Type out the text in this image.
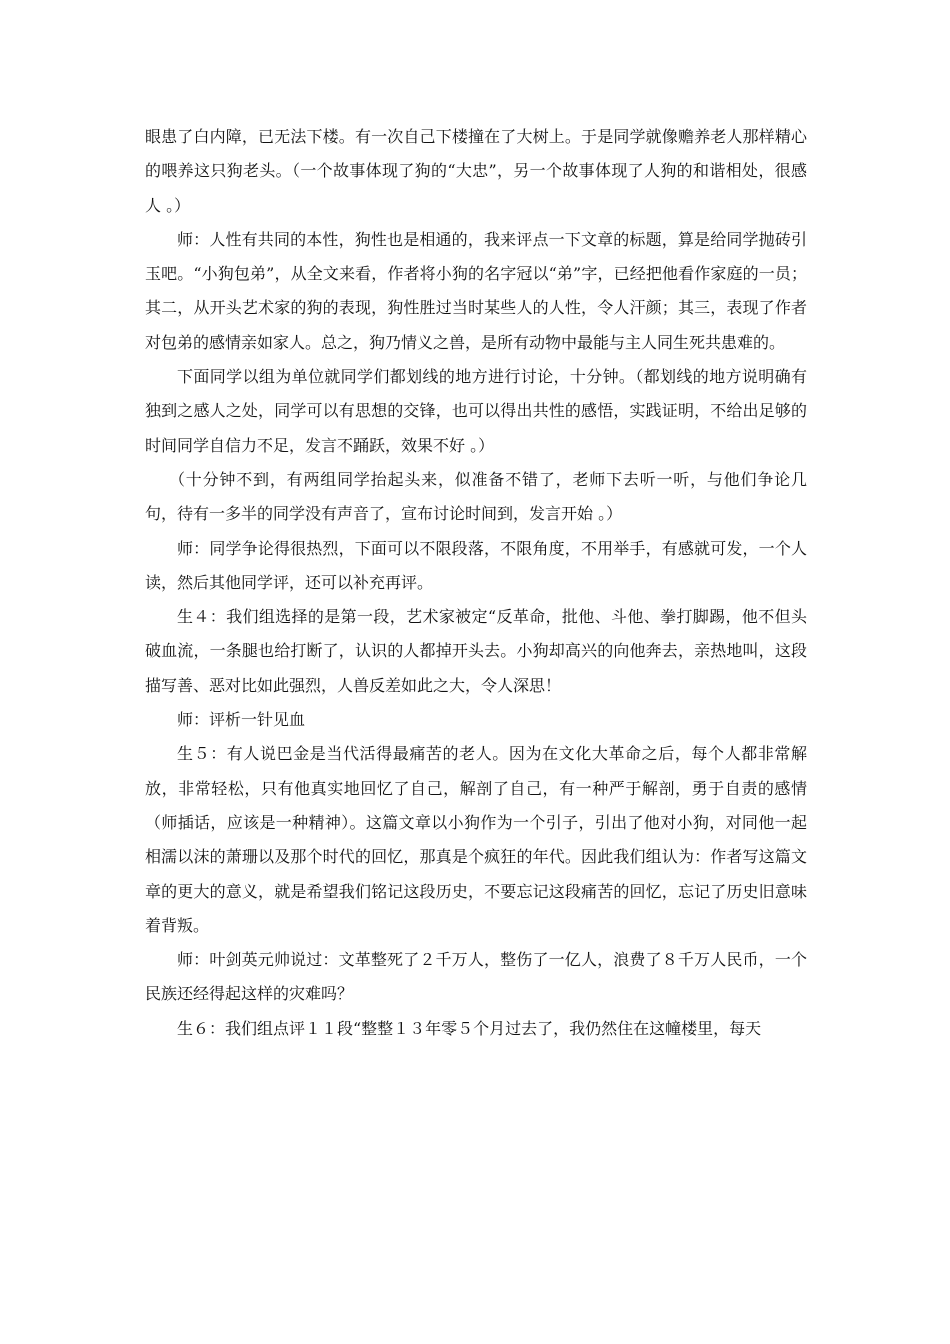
眼患了白内障，已无法下楼。有一次自己下楼撞在了大树上。于是同学就像赡养老人那样精心的喂养这只狗老头。（一个故事体现了狗的“大忠”，另一个故事体现了人狗的和谐相处，很感人 。）

师：人性有共同的本性，狗性也是相通的，我来评点一下文章的标题，算是给同学抛砖引玉吧。“小狗包弟”，从全文来看，作者将小狗的名字冠以“弟”字，已经把他看作家庭的一员；其二，从开头艺术家的狗的表现，狗性胜过当时某些人的人性，令人汗颜；其三，表现了作者对包弟的感情亲如家人。总之，狗乃情义之兽，是所有动物中最能与主人同生死共患难的。

下面同学以组为单位就同学们都划线的地方进行讨论，十分钟。（都划线的地方说明确有独到之感人之处，同学可以有思想的交锋，也可以得出共性的感悟，实践证明，不给出足够的时间同学自信力不足，发言不踊跃，效果不好 。）

（十分钟不到，有两组同学抬起头来，似准备不错了，老师下去听一听，与他们争论几句，待有一多半的同学没有声音了，宣布讨论时间到，发言开始 。）

师：同学争论得很热烈，下面可以不限段落，不限角度，不用举手，有感就可发，一个人读，然后其他同学评，还可以补充再评。

生４：我们组选择的是第一段，艺术家被定“反革命，批他、斗他、拳打脚踢，他不但头破血流，一条腿也给打断了，认识的人都掉开头去。小狗却高兴的向他奔去，亲热地叫，这段描写善、恶对比如此强烈，人兽反差如此之大，令人深思！

师：评析一针见血

生５：有人说巴金是当代活得最痛苦的老人。因为在文化大革命之后，每个人都非常解放，非常轻松，只有他真实地回忆了自己，解剖了自己，有一种严于解剖，勇于自责的感情（师插话，应该是一种精神）。这篇文章以小狗作为一个引子，引出了他对小狗，对同他一起相濡以沫的萧珊以及那个时代的回忆，那真是个疯狂的年代。因此我们组认为：作者写这篇文章的更大的意义，就是希望我们铭记这段历史，不要忘记这段痛苦的回忆，忘记了历史旧意味着背叛。

师：叶剑英元帅说过：文革整死了２千万人，整伤了一亿人，浪费了８千万人民币，一个民族还经得起这样的灾难吗？

生６：我们组点评１１段“整整１３年零５个月过去了，我仍然住在这幢楼里，每天
